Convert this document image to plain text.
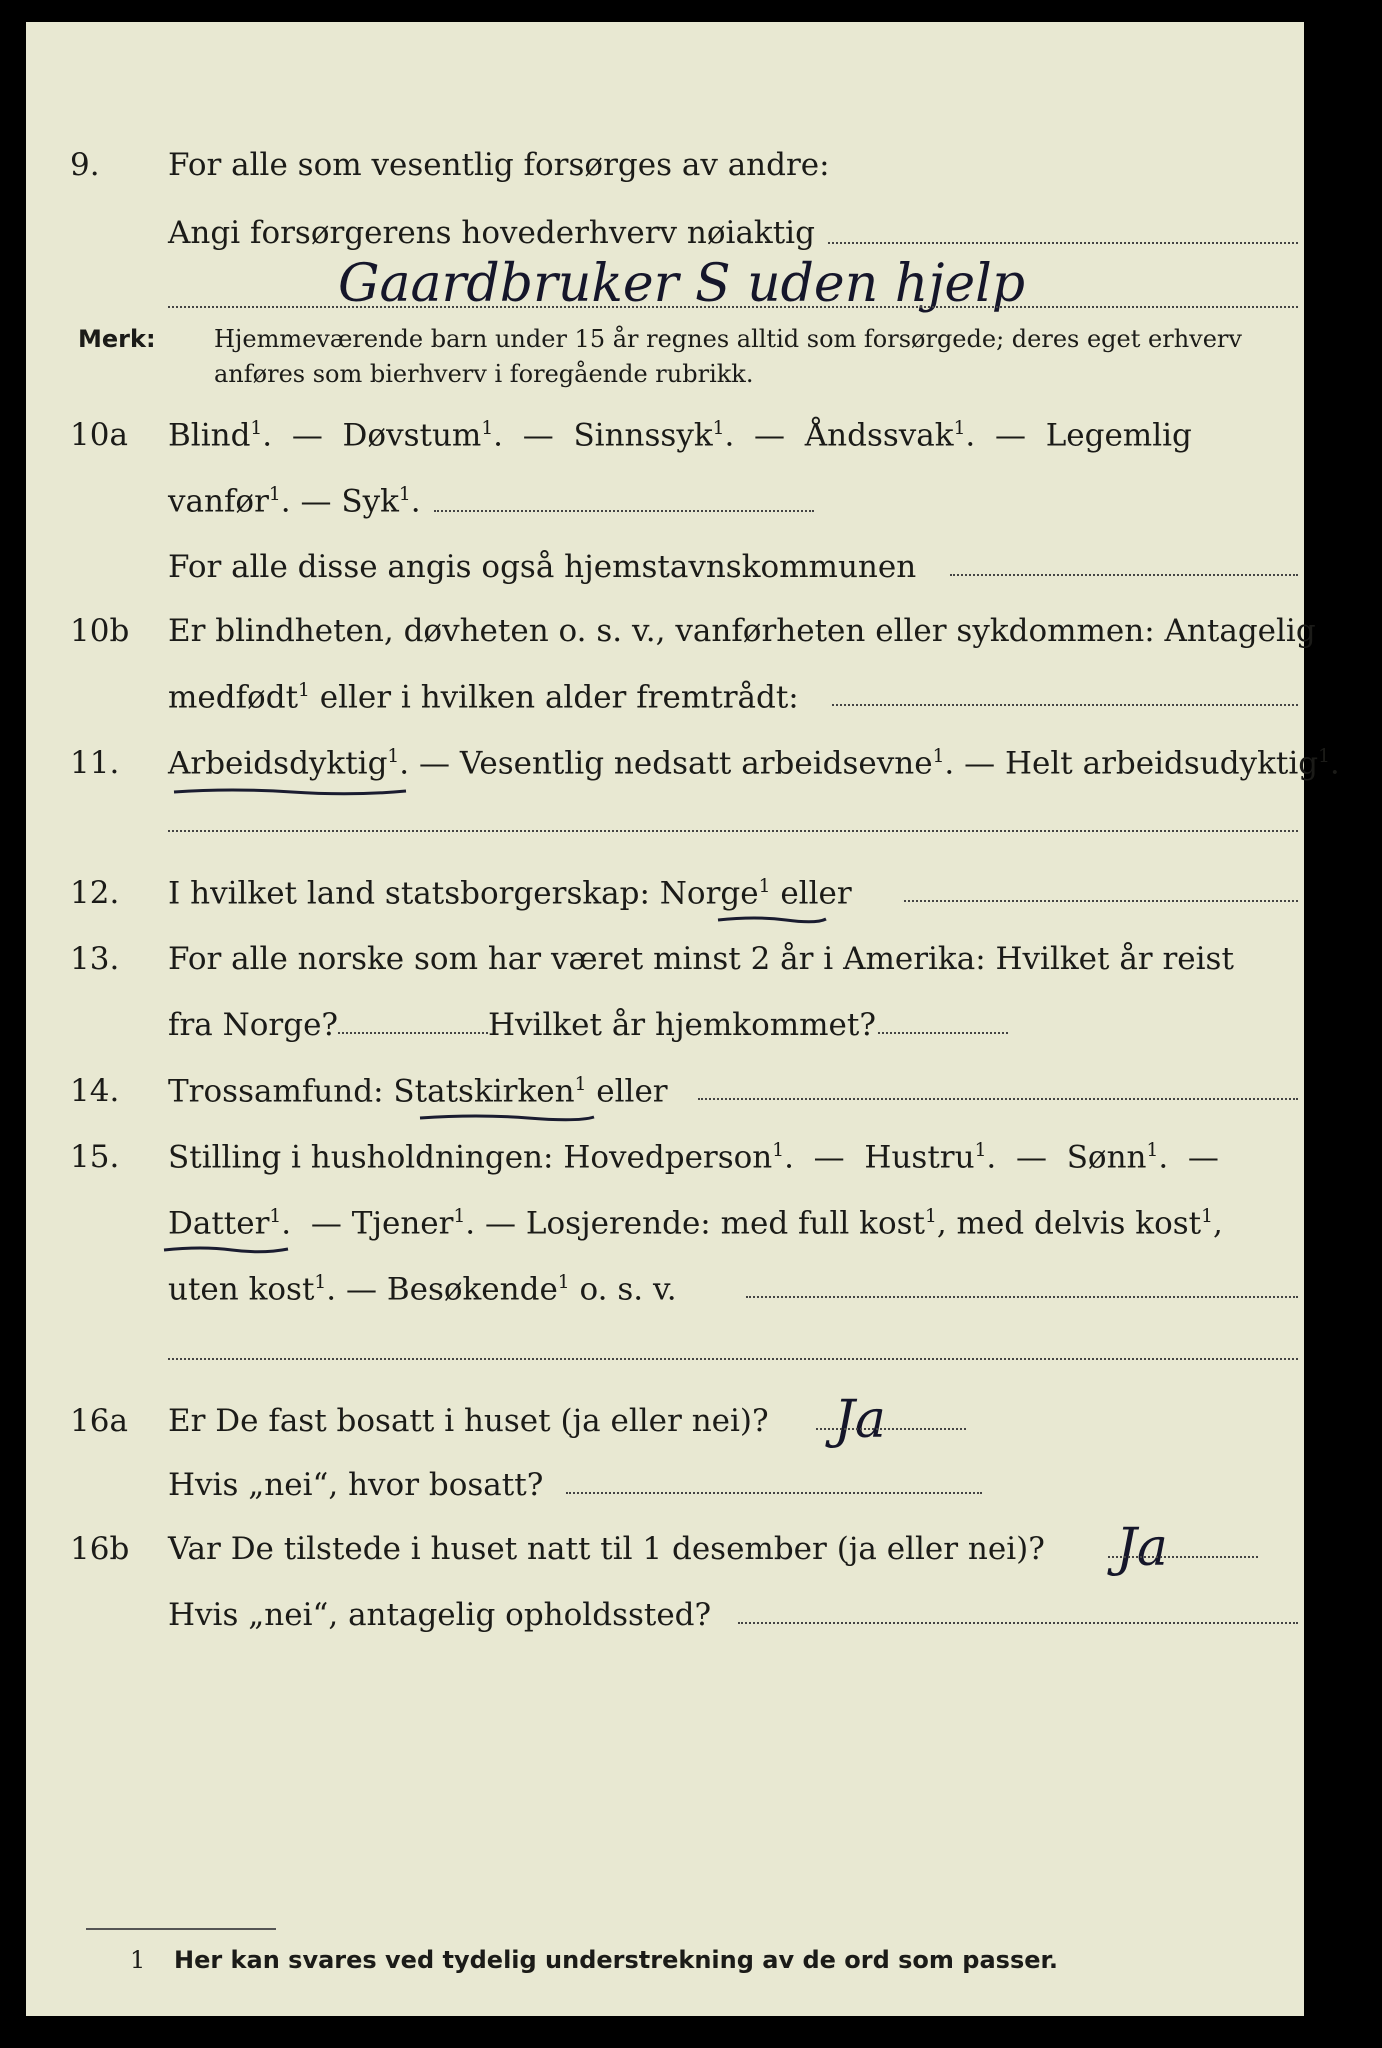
9. For alle som vesentlig forsørges av andre:
Angi forsørgerens hovederhverv nøiaktig
Gaardbruker S uden hjelp
Merk: Hjemmeværende barn under 15 år regnes alltid som forsørgede; deres eget erhverv
anføres som bierhverv i foregående rubrikk.
10a Blind$^1$.  —  Døvstum$^1$.  —  Sinnssyk$^1$.  —  Åndssvak$^1$.  —  Legemlig
vanfør$^1$. — Syk$^1$.
For alle disse angis også hjemstavnskommunen
10b Er blindheten, døvheten o. s. v., vanførheten eller sykdommen: Antagelig
medfødt$^1$ eller i hvilken alder fremtrådt:
11. Arbeidsdyktig$^1$. — Vesentlig nedsatt arbeidsevne$^1$. — Helt arbeidsudyktig$^1$.
12. I hvilket land statsborgerskap: Norge$^1$ eller
13. For alle norske som har været minst 2 år i Amerika: Hvilket år reist
fra Norge?	Hvilket år hjemkommet?
14. Trossamfund: Statskirken$^1$ eller
15. Stilling i husholdningen: Hovedperson$^1$.  —  Hustru$^1$.  —  Sønn$^1$.  —
Datter$^1$.  — Tjener$^1$. — Losjerende: med full kost$^1$, med delvis kost$^1$,
uten kost$^1$. — Besøkende$^1$ o. s. v.
16a Er De fast bosatt i huset (ja eller nei)? Ja
Hvis „nei“, hvor bosatt?
16b Var De tilstede i huset natt til 1 desember (ja eller nei)? Ja
Hvis „nei“, antagelig opholdssted?
1 Her kan svares ved tydelig understrekning av de ord som passer.
